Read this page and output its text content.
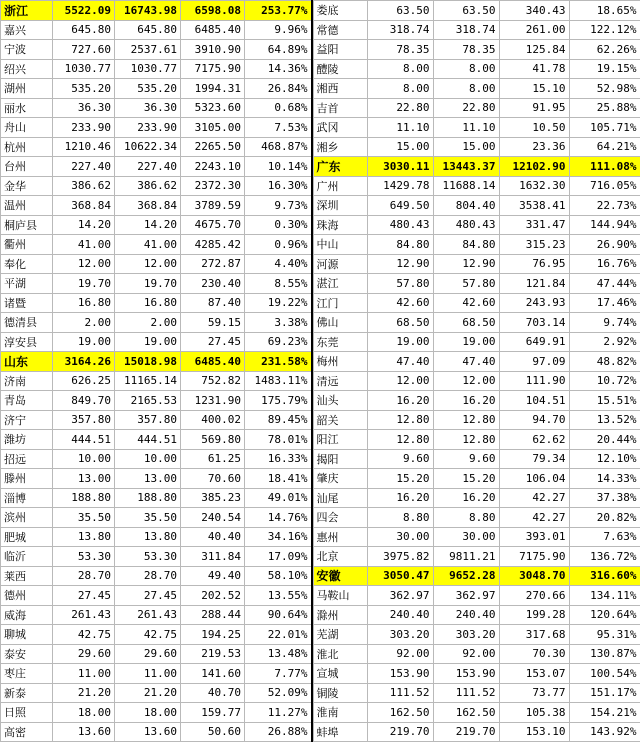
浙江	5522.09	16743.98	6598.08	253.77%
嘉兴	645.80	645.80	6485.40	9.96%
宁波	727.60	2537.61	3910.90	64.89%
绍兴	1030.77	1030.77	7175.90	14.36%
湖州	535.20	535.20	1994.31	26.84%
丽水	36.30	36.30	5323.60	0.68%
舟山	233.90	233.90	3105.00	7.53%
杭州	1210.46	10622.34	2265.50	468.87%
台州	227.40	227.40	2243.10	10.14%
金华	386.62	386.62	2372.30	16.30%
温州	368.84	368.84	3789.59	9.73%
桐庐县	14.20	14.20	4675.70	0.30%
衢州	41.00	41.00	4285.42	0.96%
奉化	12.00	12.00	272.87	4.40%
平湖	19.70	19.70	230.40	8.55%
诸暨	16.80	16.80	87.40	19.22%
德清县	2.00	2.00	59.15	3.38%
淳安县	19.00	19.00	27.45	69.23%
山东	3164.26	15018.98	6485.40	231.58%
济南	626.25	11165.14	752.82	1483.11%
青岛	849.70	2165.53	1231.90	175.79%
济宁	357.80	357.80	400.02	89.45%
潍坊	444.51	444.51	569.80	78.01%
招远	10.00	10.00	61.25	16.33%
滕州	13.00	13.00	70.60	18.41%
淄博	188.80	188.80	385.23	49.01%
滨州	35.50	35.50	240.54	14.76%
肥城	13.80	13.80	40.40	34.16%
临沂	53.30	53.30	311.84	17.09%
莱西	28.70	28.70	49.40	58.10%
德州	27.45	27.45	202.52	13.55%
威海	261.43	261.43	288.44	90.64%
聊城	42.75	42.75	194.25	22.01%
泰安	29.60	29.60	219.53	13.48%
枣庄	11.00	11.00	141.60	7.77%
新泰	21.20	21.20	40.70	52.09%
日照	18.00	18.00	159.77	11.27%
高密	13.60	13.60	50.60	26.88%
娄底	63.50	63.50	340.43	18.65%
常德	318.74	318.74	261.00	122.12%
益阳	78.35	78.35	125.84	62.26%
醴陵	8.00	8.00	41.78	19.15%
湘西	8.00	8.00	15.10	52.98%
吉首	22.80	22.80	91.95	25.88%
武冈	11.10	11.10	10.50	105.71%
湘乡	15.00	15.00	23.36	64.21%
广东	3030.11	13443.37	12102.90	111.08%
广州	1429.78	11688.14	1632.30	716.05%
深圳	649.50	804.40	3538.41	22.73%
珠海	480.43	480.43	331.47	144.94%
中山	84.80	84.80	315.23	26.90%
河源	12.90	12.90	76.95	16.76%
湛江	57.80	57.80	121.84	47.44%
江门	42.60	42.60	243.93	17.46%
佛山	68.50	68.50	703.14	9.74%
东莞	19.00	19.00	649.91	2.92%
梅州	47.40	47.40	97.09	48.82%
清远	12.00	12.00	111.90	10.72%
汕头	16.20	16.20	104.51	15.51%
韶关	12.80	12.80	94.70	13.52%
阳江	12.80	12.80	62.62	20.44%
揭阳	9.60	9.60	79.34	12.10%
肇庆	15.20	15.20	106.04	14.33%
汕尾	16.20	16.20	42.27	37.38%
四会	8.80	8.80	42.27	20.82%
惠州	30.00	30.00	393.01	7.63%
北京	3975.82	9811.21	7175.90	136.72%
安徽	3050.47	9652.28	3048.70	316.60%
马鞍山	362.97	362.97	270.66	134.11%
滁州	240.40	240.40	199.28	120.64%
芜湖	303.20	303.20	317.68	95.31%
淮北	92.00	92.00	70.30	130.87%
宣城	153.90	153.90	153.07	100.54%
铜陵	111.52	111.52	73.77	151.17%
淮南	162.50	162.50	105.38	154.21%
蚌埠	219.70	219.70	153.10	143.92%
